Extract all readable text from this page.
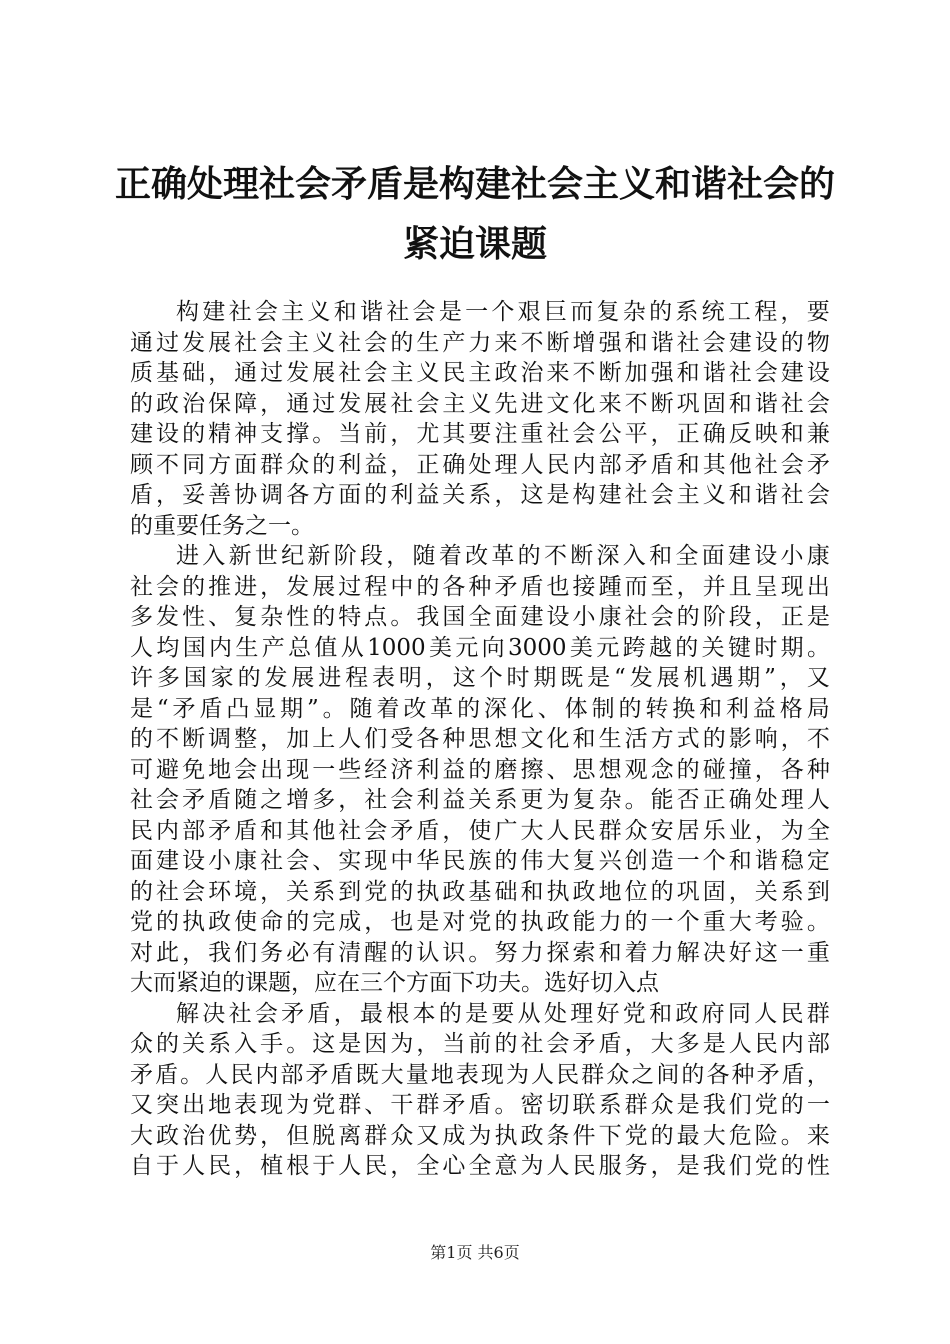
正确处理社会矛盾是构建社会主义和谐社会的
紧迫课题
构 建 社 会 主 义 和 谐 社 会 是 一 个 艰 巨 而 复 杂 的 系 统 工 程 ， 要
通 过 发 展 社 会 主 义 社 会 的 生 产 力 来 不 断 增 强 和 谐 社 会 建 设 的 物
质 基 础 ， 通 过 发 展 社 会 主 义 民 主 政 治 来 不 断 加 强 和 谐 社 会 建 设
的 政 治 保 障 ， 通 过 发 展 社 会 主 义 先 进 文 化 来 不 断 巩 固 和 谐 社 会
建 设 的 精 神 支 撑 。 当 前 ， 尤 其 要 注 重 社 会 公 平 ， 正 确 反 映 和 兼
顾 不 同 方 面 群 众 的 利 益 ， 正 确 处 理 人 民 内 部 矛 盾 和 其 他 社 会 矛
盾 ， 妥 善 协 调 各 方 面 的 利 益 关 系 ， 这 是 构 建 社 会 主 义 和 谐 社 会
的 重 要 任 务 之 一 。
进 入 新 世 纪 新 阶 段 ， 随 着 改 革 的 不 断 深 入 和 全 面 建 设 小 康
社 会 的 推 进 ， 发 展 过 程 中 的 各 种 矛 盾 也 接 踵 而 至 ， 并 且 呈 现 出
多 发 性 、 复 杂 性 的 特 点 。 我 国 全 面 建 设 小 康 社 会 的 阶 段 ， 正 是
人 均 国 内 生 产 总 值 从 1000 美 元 向 3000 美 元 跨 越 的 关 键 时 期 。
许 多 国 家 的 发 展 进 程 表 明 ， 这 个 时 期 既 是 “ 发 展 机 遇 期 ” ， 又
是 “ 矛 盾 凸 显 期 ” 。 随 着 改 革 的 深 化 、 体 制 的 转 换 和 利 益 格 局
的 不 断 调 整 ， 加 上 人 们 受 各 种 思 想 文 化 和 生 活 方 式 的 影 响 ， 不
可 避 免 地 会 出 现 一 些 经 济 利 益 的 磨 擦 、 思 想 观 念 的 碰 撞 ， 各 种
社 会 矛 盾 随 之 增 多 ， 社 会 利 益 关 系 更 为 复 杂 。 能 否 正 确 处 理 人
民 内 部 矛 盾 和 其 他 社 会 矛 盾 ， 使 广 大 人 民 群 众 安 居 乐 业 ， 为 全
面 建 设 小 康 社 会 、 实 现 中 华 民 族 的 伟 大 复 兴 创 造 一 个 和 谐 稳 定
的 社 会 环 境 ， 关 系 到 党 的 执 政 基 础 和 执 政 地 位 的 巩 固 ， 关 系 到
党 的 执 政 使 命 的 完 成 ， 也 是 对 党 的 执 政 能 力 的 一 个 重 大 考 验 。
对 此 ， 我 们 务 必 有 清 醒 的 认 识 。 努 力 探 索 和 着 力 解 决 好 这 一 重
大 而 紧 迫 的 课 题 ， 应 在 三 个 方 面 下 功 夫 。 选 好 切 入 点
解 决 社 会 矛 盾 ， 最 根 本 的 是 要 从 处 理 好 党 和 政 府 同 人 民 群
众 的 关 系 入 手 。 这 是 因 为 ， 当 前 的 社 会 矛 盾 ， 大 多 是 人 民 内 部
矛 盾 。 人 民 内 部 矛 盾 既 大 量 地 表 现 为 人 民 群 众 之 间 的 各 种 矛 盾 ，
又 突 出 地 表 现 为 党 群 、 干 群 矛 盾 。 密 切 联 系 群 众 是 我 们 党 的 一
大 政 治 优 势 ， 但 脱 离 群 众 又 成 为 执 政 条 件 下 党 的 最 大 危 险 。 来
自 于 人 民 ， 植 根 于 人 民 ， 全 心 全 意 为 人 民 服 务 ， 是 我 们 党 的 性
第1页 共6页
